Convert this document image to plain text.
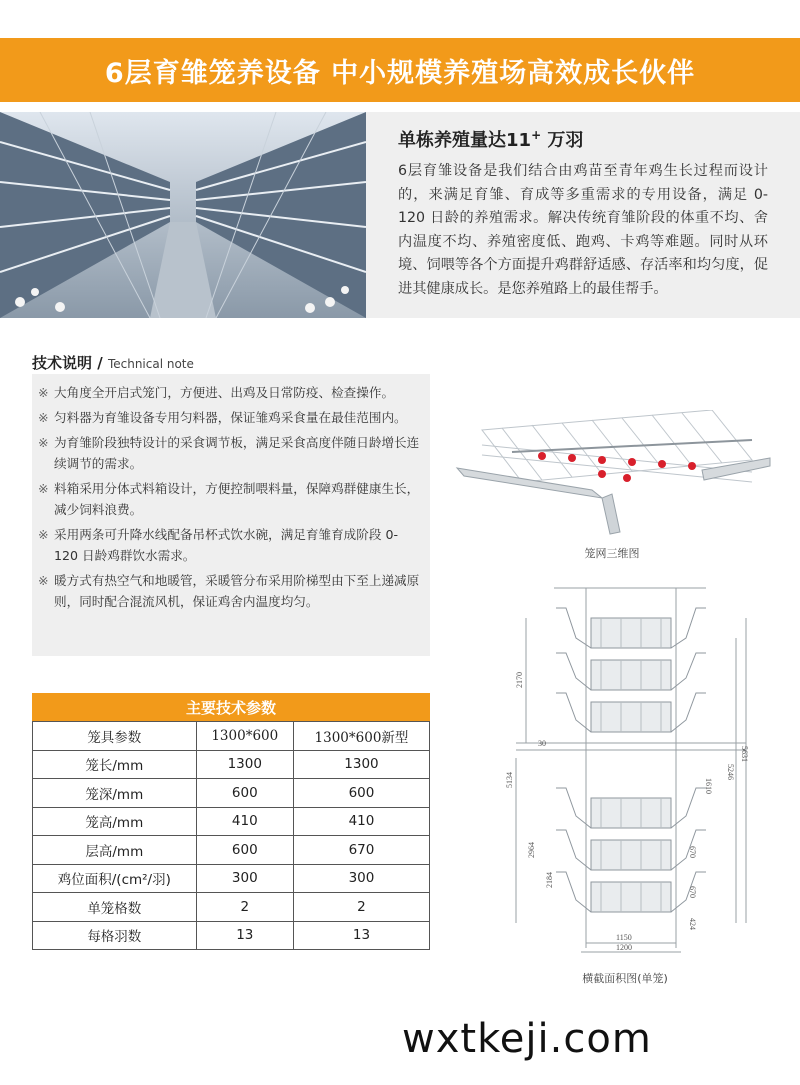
6层育雏笼养设备 中小规模养殖场高效成长伙伴
单栋养殖量达11+ 万羽

6层育雏设备是我们结合由鸡苗至青年鸡生长过程而设计的，来满足育雏、育成等多重需求的专用设备，满足 0-120 日龄的养殖需求。解决传统育雏阶段的体重不均、舍内温度不均、养殖密度低、跑鸡、卡鸡等难题。同时从环境、饲喂等各个方面提升鸡群舒适感、存活率和均匀度，促进其健康成长。是您养殖路上的最佳帮手。

技术说明 / Technical note
※ 大角度全开启式笼门，方便进、出鸡及日常防疫、检查操作。
※ 匀料器为育雏设备专用匀料器，保证雏鸡采食量在最佳范围内。
※ 为育雏阶段独特设计的采食调节板，满足采食高度伴随日龄增长连续调节的需求。
※ 料箱采用分体式料箱设计，方便控制喂料量，保障鸡群健康生长，减少饲料浪费。
※ 采用两条可升降水线配备吊杯式饮水碗，满足育雏育成阶段 0-120 日龄鸡群饮水需求。
※ 暖方式有热空气和地暖管，采暖管分布采用阶梯型由下至上递减原则，同时配合混流风机，保证鸡舍内温度均匀。
主要技术参数
笼具参数	1300*600	1300*600新型
笼长/mm	1300	1300
笼深/mm	600	600
笼高/mm	410	410
层高/mm	600	670
鸡位面积/(cm²/羽)	300	300
单笼格数	2	2
每格羽数	13	13
笼网三维图
2170
30
5134	1610
5246
5631
2964
2184
670
670
424
1150
1200
横截面积图(单笼)
wxtkeji.com
